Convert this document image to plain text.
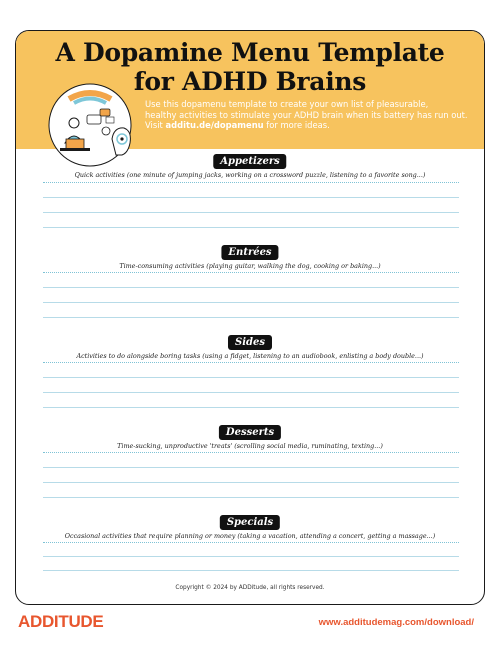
A Dopamine Menu Template
for ADHD Brains
Use this dopamenu template to create your own list of pleasurable,
healthy activities to stimulate your ADHD brain when its battery has run out.
Visit additu.de/dopamenu for more ideas.
Appetizers
Quick activities (one minute of jumping jacks, working on a crossword puzzle, listening to a favorite song...)
Entrées
Time-consuming activities (playing guitar, walking the dog, cooking or baking...)
Sides
Activities to do alongside boring tasks (using a fidget, listening to an audiobook, enlisting a body double...)
Desserts
Time-sucking, unproductive 'treats' (scrolling social media, ruminating, texting...)
Specials
Occasional activities that require planning or money (taking a vacation, attending a concert, getting a massage...)
Copyright © 2024 by ADDitude, all rights reserved.
ADDITUDE	www.additudemag.com/download/
